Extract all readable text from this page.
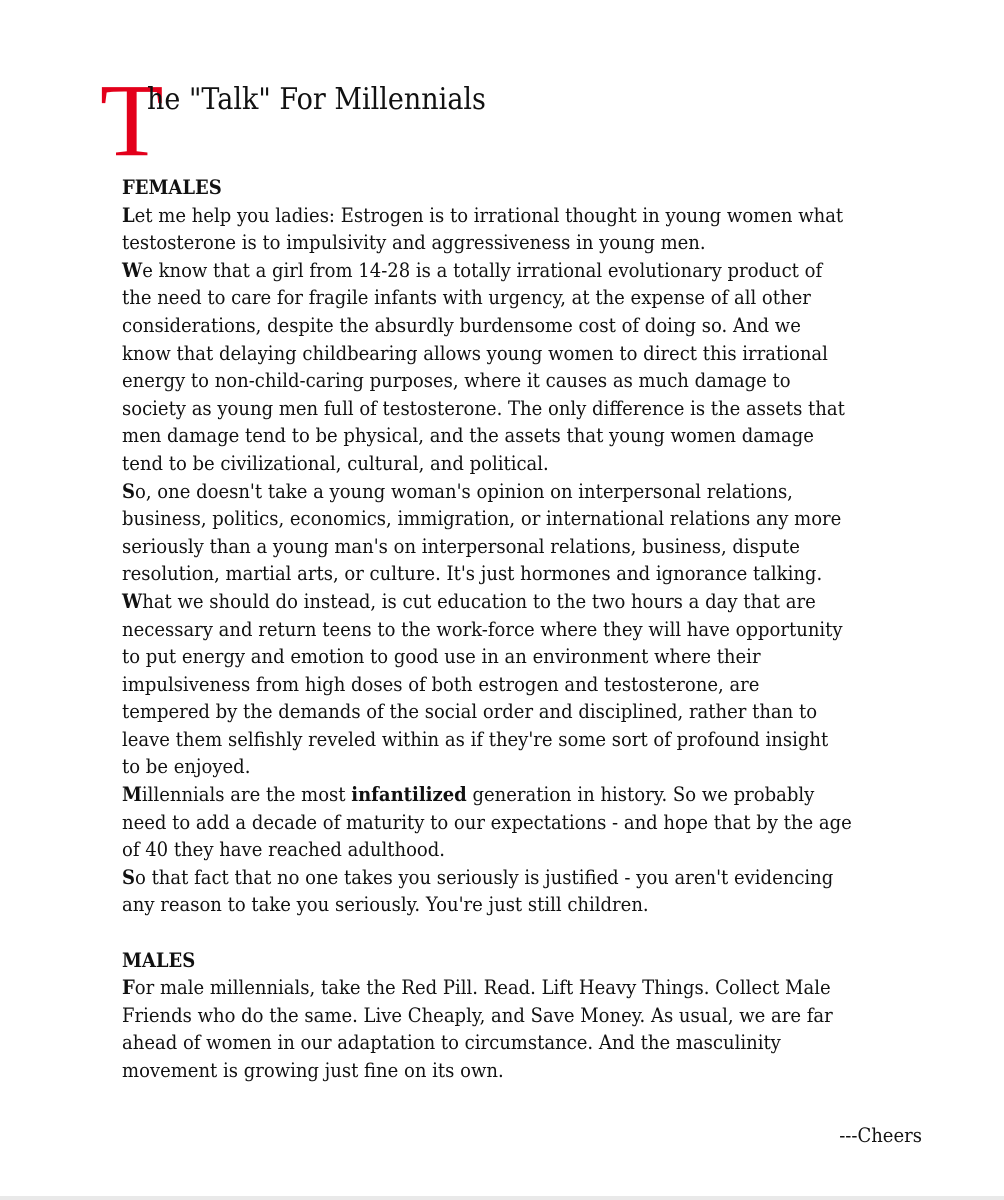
T
he "Talk" For Millennials
FEMALES
Let me help you ladies: Estrogen is to irrational thought in young women what
testosterone is to impulsivity and aggressiveness in young men.
We know that a girl from 14-28 is a totally irrational evolutionary product of
the need to care for fragile infants with urgency, at the expense of all other
considerations, despite the absurdly burdensome cost of doing so. And we
know that delaying childbearing allows young women to direct this irrational
energy to non-child-caring purposes, where it causes as much damage to
society as young men full of testosterone. The only difference is the assets that
men damage tend to be physical, and the assets that young women damage
tend to be civilizational, cultural, and political.
So, one doesn't take a young woman's opinion on interpersonal relations,
business, politics, economics, immigration, or international relations any more
seriously than a young man's on interpersonal relations, business, dispute
resolution, martial arts, or culture. It's just hormones and ignorance talking.
What we should do instead, is cut education to the two hours a day that are
necessary and return teens to the work-force where they will have opportunity
to put energy and emotion to good use in an environment where their
impulsiveness from high doses of both estrogen and testosterone, are
tempered by the demands of the social order and disciplined, rather than to
leave them selfishly reveled within as if they're some sort of profound insight
to be enjoyed.
Millennials are the most infantilized generation in history. So we probably
need to add a decade of maturity to our expectations - and hope that by the age
of 40 they have reached adulthood.
So that fact that no one takes you seriously is justified - you aren't evidencing
any reason to take you seriously. You're just still children.
MALES
For male millennials, take the Red Pill. Read. Lift Heavy Things. Collect Male
Friends who do the same. Live Cheaply, and Save Money. As usual, we are far
ahead of women in our adaptation to circumstance. And the masculinity
movement is growing just fine on its own.
---Cheers
